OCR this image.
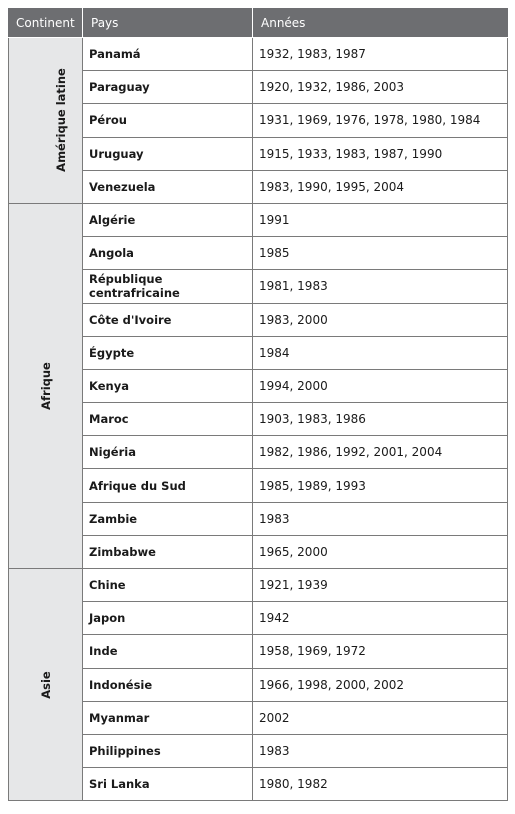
Continent	Pays	Années
Amérique latine	Panamá	1932, 1983, 1987
	Paraguay	1920, 1932, 1986, 2003
	Pérou	1931, 1969, 1976, 1978, 1980, 1984
	Uruguay	1915, 1933, 1983, 1987, 1990
	Venezuela	1983, 1990, 1995, 2004
Afrique	Algérie	1991
	Angola	1985
	République centrafricaine	1981, 1983
	Côte d'Ivoire	1983, 2000
	Égypte	1984
	Kenya	1994, 2000
	Maroc	1903, 1983, 1986
	Nigéria	1982, 1986, 1992, 2001, 2004
	Afrique du Sud	1985, 1989, 1993
	Zambie	1983
	Zimbabwe	1965, 2000
Asie	Chine	1921, 1939
	Japon	1942
	Inde	1958, 1969, 1972
	Indonésie	1966, 1998, 2000, 2002
	Myanmar	2002
	Philippines	1983
	Sri Lanka	1980, 1982
